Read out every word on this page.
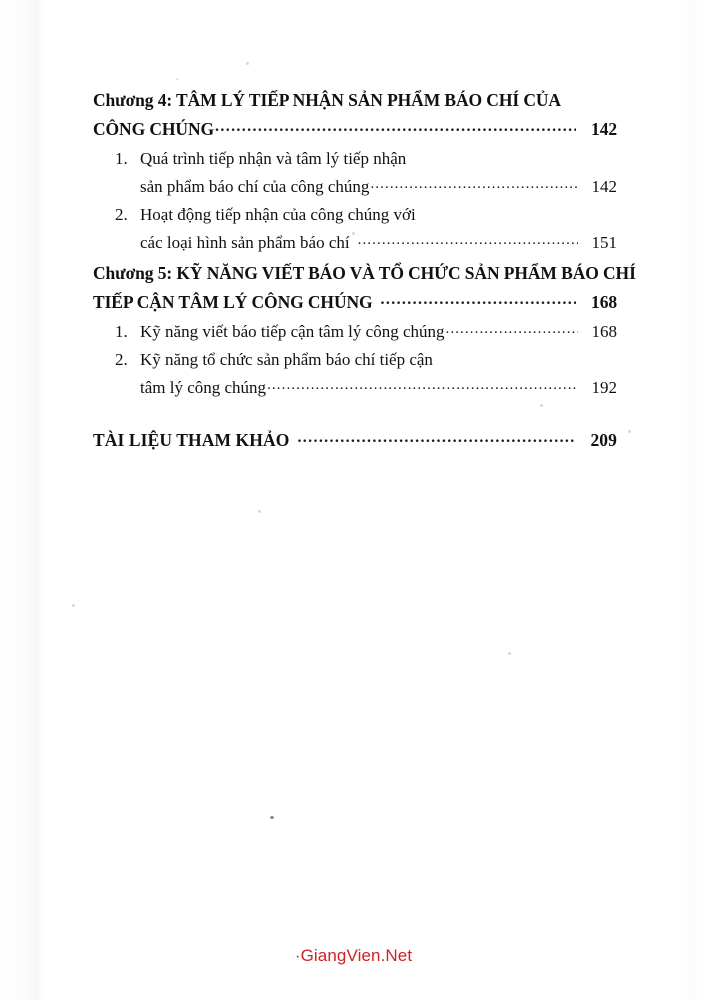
Chương 4: TÂM LÝ TIẾP NHẬN SẢN PHẨM BÁO CHÍ CỦA
CÔNG CHÚNG .....	142
1. Quá trình tiếp nhận và tâm lý tiếp nhận
sản phẩm báo chí của công chúng .....	142
2. Hoạt động tiếp nhận của công chúng với
các loại hình sản phẩm báo chí .....	151
Chương 5: KỸ NĂNG VIẾT BÁO VÀ TỔ CHỨC SẢN PHẨM BÁO CHÍ
TIẾP CẬN TÂM LÝ CÔNG CHÚNG .....	168
1. Kỹ năng viết báo tiếp cận tâm lý công chúng .....	168
2. Kỹ năng tổ chức sản phẩm báo chí tiếp cận
tâm lý công chúng .....	192
TÀI LIỆU THAM KHẢO .....	209
·GiangVien.Net
